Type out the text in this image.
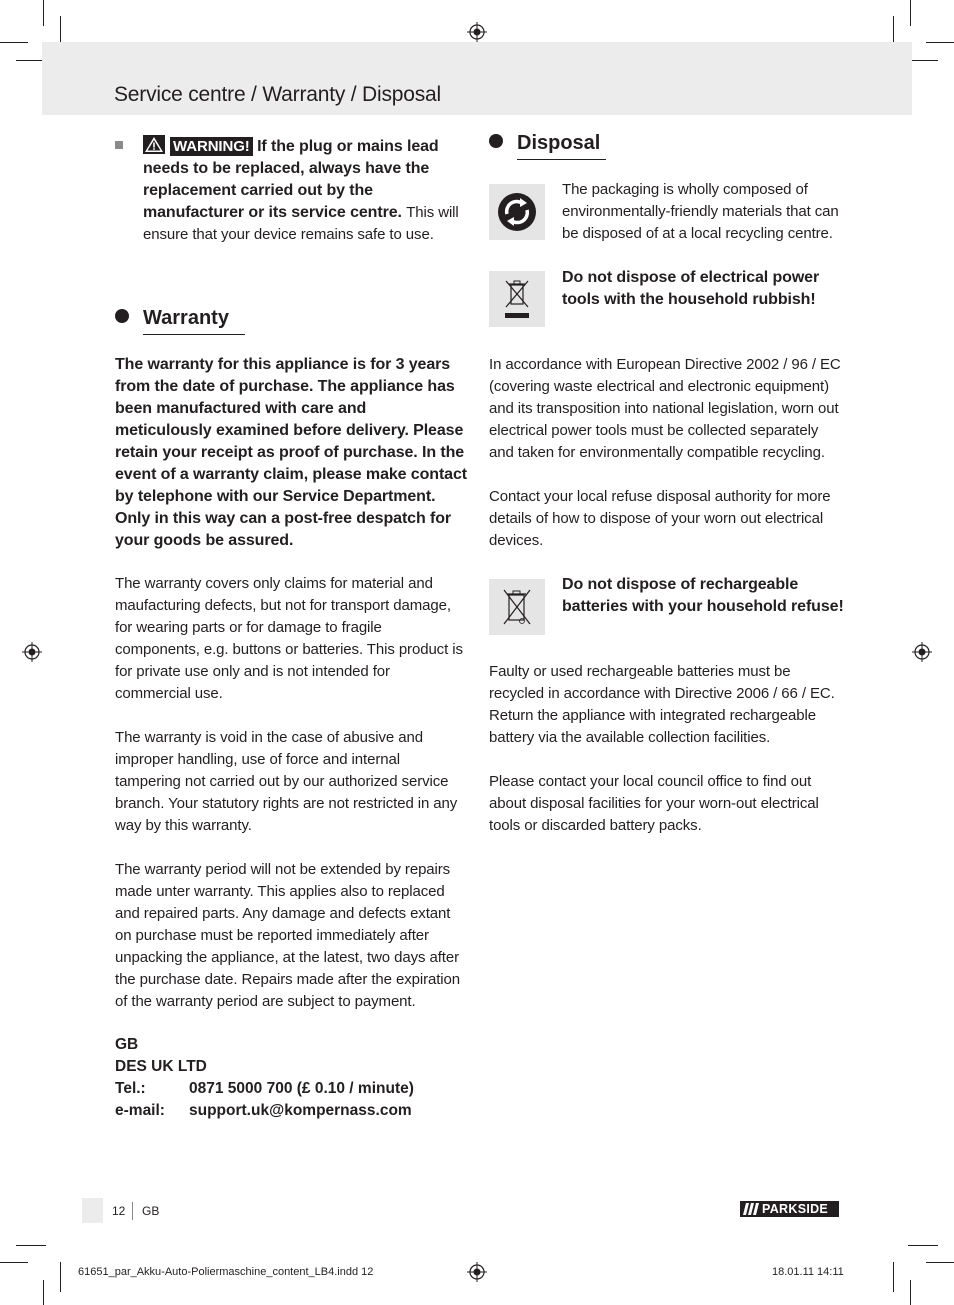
Service centre / Warranty / Disposal
WARNING! If the plug or mains lead needs to be replaced, always have the replacement carried out by the manufacturer or its service centre. This will ensure that your device remains safe to use.
Warranty

The warranty for this appliance is for 3 years from the date of purchase. The appliance has been manufactured with care and meticulously examined before delivery. Please retain your receipt as proof of purchase. In the event of a warranty claim, please make contact by telephone with our Service Department. Only in this way can a post-free despatch for your goods be assured.

The warranty covers only claims for material and maufacturing defects, but not for transport damage, for wearing parts or for damage to fragile components, e.g. buttons or batteries. This product is for private use only and is not intended for commercial use.

The warranty is void in the case of abusive and improper handling, use of force and internal tampering not carried out by our authorized service branch. Your statutory rights are not restricted in any way by this warranty.

The warranty period will not be extended by repairs made unter warranty. This applies also to replaced and repaired parts. Any damage and defects extant on purchase must be reported immediately after unpacking the appliance, at the latest, two days after the purchase date. Repairs made after the expiration of the warranty period are subject to payment.

GB	
DES UK LTD	
Tel.:	0871 5000 700 (£ 0.10 / minute)
e-mail:	support.uk@kompernass.com
Disposal
The packaging is wholly composed of environmentally-friendly materials that can be disposed of at a local recycling centre.
Do not dispose of electrical power tools with the household rubbish!

In accordance with European Directive 2002 / 96 / EC (covering waste electrical and electronic equipment) and its transposition into national legislation, worn out electrical power tools must be collected separately and taken for environmentally compatible recycling.

Contact your local refuse disposal authority for more details of how to dispose of your worn out electrical devices.

Do not dispose of rechargeable batteries with your household refuse!

Faulty or used rechargeable batteries must be recycled in accordance with Directive 2006 / 66 / EC. Return the appliance with integrated rechargeable battery via the available collection facilities.

Please contact your local council office to find out about disposal facilities for your worn-out electrical tools or discarded battery packs.

12 GB	PARKSIDE
61651_par_Akku-Auto-Poliermaschine_content_LB4.indd 12	18.01.11 14:11
